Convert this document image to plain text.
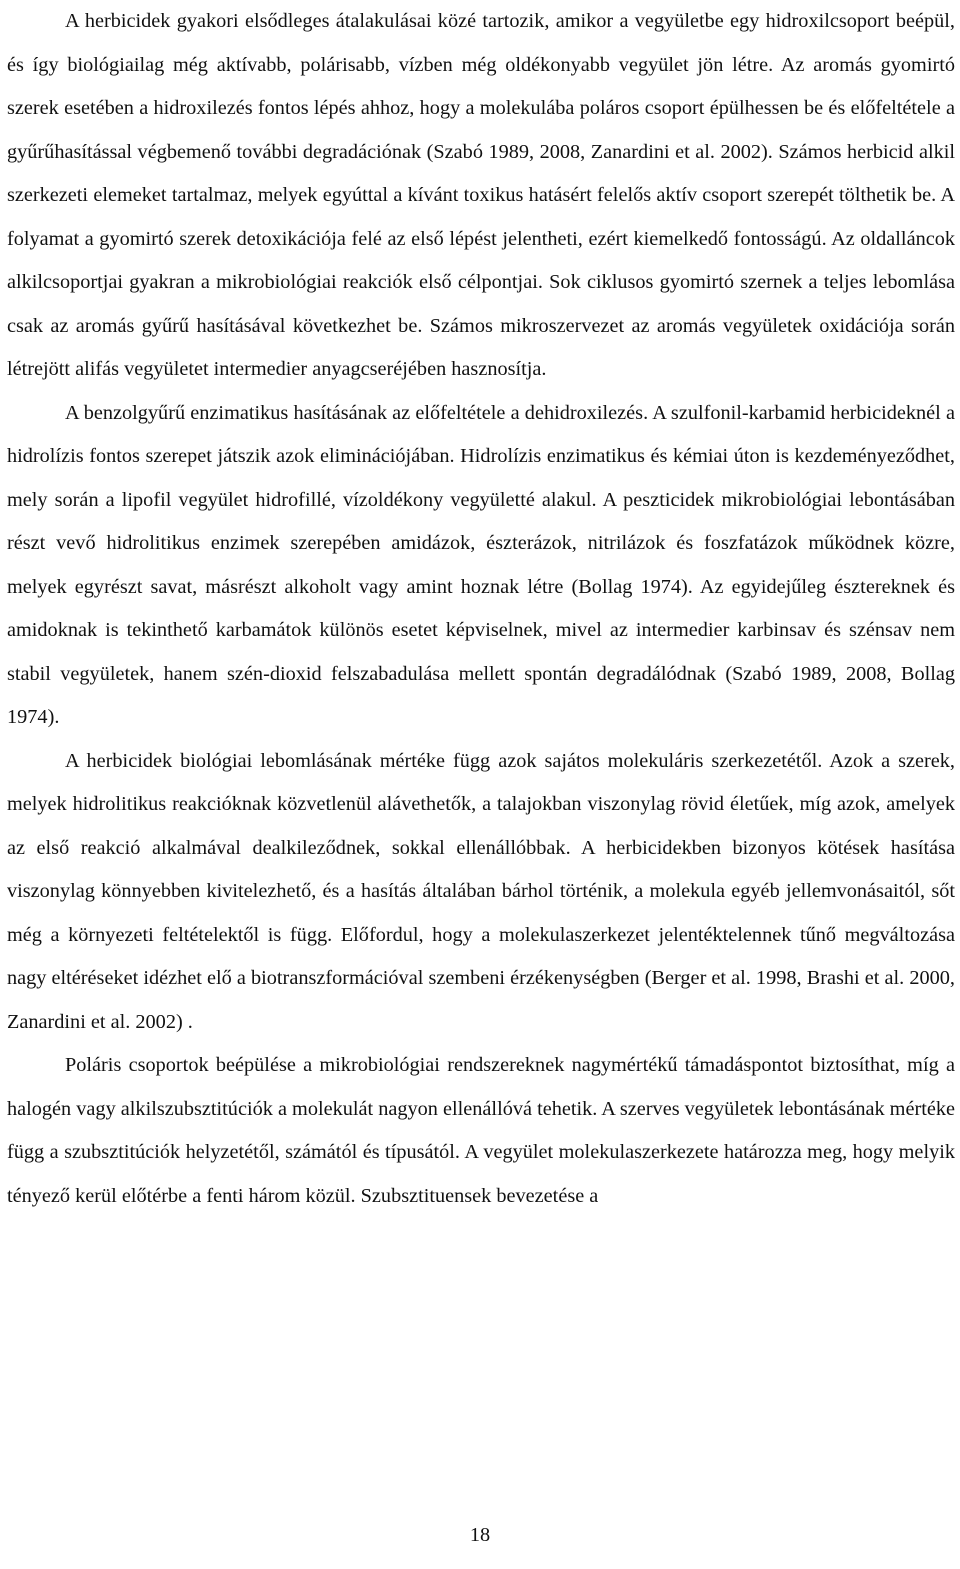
A herbicidek gyakori elsődleges átalakulásai közé tartozik, amikor a vegyületbe egy hidroxilcsoport beépül, és így biológiailag még aktívabb, polárisabb, vízben még oldékonyabb vegyület jön létre. Az aromás gyomirtó szerek esetében a hidroxilezés fontos lépés ahhoz, hogy a molekulába poláros csoport épülhessen be és előfeltétele a gyűrűhasítással végbemenő további degradációnak (Szabó 1989, 2008, Zanardini et al. 2002). Számos herbicid alkil szerkezeti elemeket tartalmaz, melyek egyúttal a kívánt toxikus hatásért felelős aktív csoport szerepét tölthetik be. A folyamat a gyomirtó szerek detoxikációja felé az első lépést jelentheti, ezért kiemelkedő fontosságú. Az oldalláncok alkilcsoportjai gyakran a mikrobiológiai reakciók első célpontjai. Sok ciklusos gyomirtó szernek a teljes lebomlása csak az aromás gyűrű hasításával következhet be. Számos mikroszervezet az aromás vegyületek oxidációja során létrejött alifás vegyületet intermedier anyagcseréjében hasznosítja.

A benzolgyűrű enzimatikus hasításának az előfeltétele a dehidroxilezés. A szulfonil-karbamid herbicideknél a hidrolízis fontos szerepet játszik azok eliminációjában. Hidrolízis enzimatikus és kémiai úton is kezdeményeződhet, mely során a lipofil vegyület hidrofillé, vízoldékony vegyületté alakul. A peszticidek mikrobiológiai lebontásában részt vevő hidrolitikus enzimek szerepében amidázok, észterázok, nitrilázok és foszfatázok működnek közre, melyek egyrészt savat, másrészt alkoholt vagy amint hoznak létre (Bollag 1974). Az egyidejűleg észtereknek és amidoknak is tekinthető karbamátok különös esetet képviselnek, mivel az intermedier karbinsav és szénsav nem stabil vegyületek, hanem szén-dioxid felszabadulása mellett spontán degradálódnak (Szabó 1989, 2008, Bollag 1974).

A herbicidek biológiai lebomlásának mértéke függ azok sajátos molekuláris szerkezetétől. Azok a szerek, melyek hidrolitikus reakcióknak közvetlenül alávethetők, a talajokban viszonylag rövid életűek, míg azok, amelyek az első reakció alkalmával dealkileződnek, sokkal ellenállóbbak. A herbicidekben bizonyos kötések hasítása viszonylag könnyebben kivitelezhető, és a hasítás általában bárhol történik, a molekula egyéb jellemvonásaitól, sőt még a környezeti feltételektől is függ. Előfordul, hogy a molekulaszerkezet jelentéktelennek tűnő megváltozása nagy eltéréseket idézhet elő a biotranszformációval szembeni érzékenységben (Berger et al. 1998, Brashi et al. 2000, Zanardini et al. 2002) .

Poláris csoportok beépülése a mikrobiológiai rendszereknek nagymértékű támadáspontot biztosíthat, míg a halogén vagy alkilszubsztitúciók a molekulát nagyon ellenállóvá tehetik. A szerves vegyületek lebontásának mértéke függ a szubsztitúciók helyzetétől, számától és típusától. A vegyület molekulaszerkezete határozza meg, hogy melyik tényező kerül előtérbe a fenti három közül. Szubsztituensek bevezetése a

18
